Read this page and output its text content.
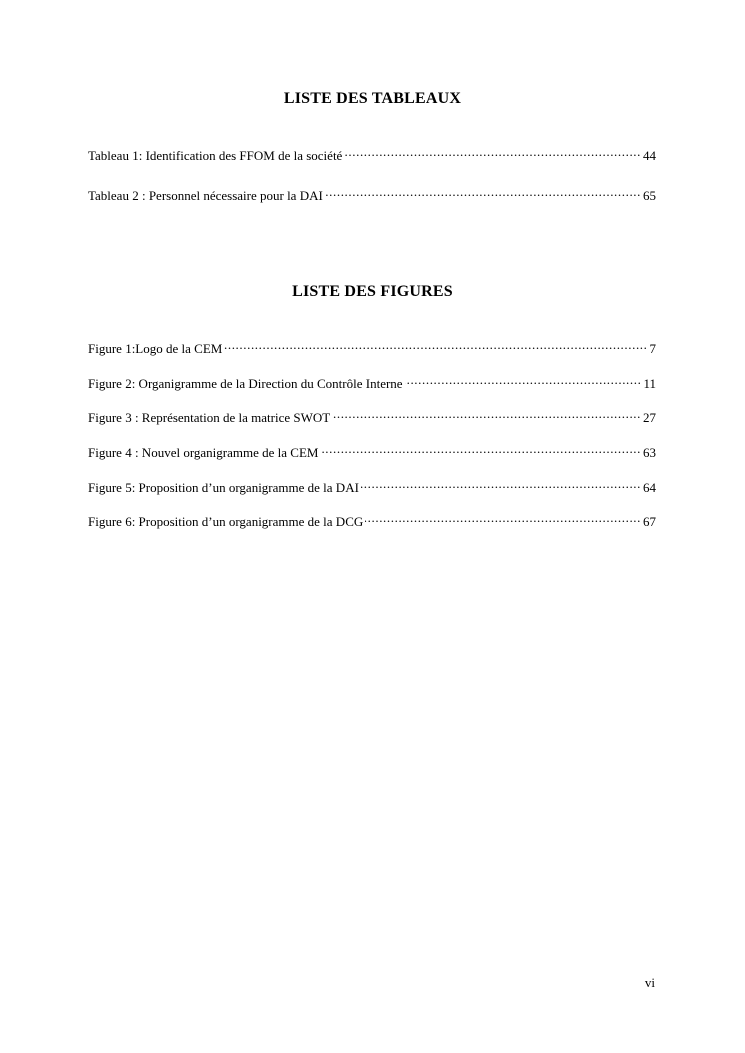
LISTE DES TABLEAUX
Tableau 1: Identification des FFOM de la société .....	44
Tableau 2 : Personnel nécessaire pour la DAI .....	65
LISTE DES FIGURES
Figure 1:Logo de la CEM .....	7
Figure 2: Organigramme de la Direction du Contrôle Interne .....	11
Figure 3 : Représentation de la matrice SWOT .....	27
Figure 4 : Nouvel organigramme de la CEM .....	63
Figure 5: Proposition d’un organigramme de la DAI .....	64
Figure 6: Proposition d’un organigramme de la DCG .....	67
vi
